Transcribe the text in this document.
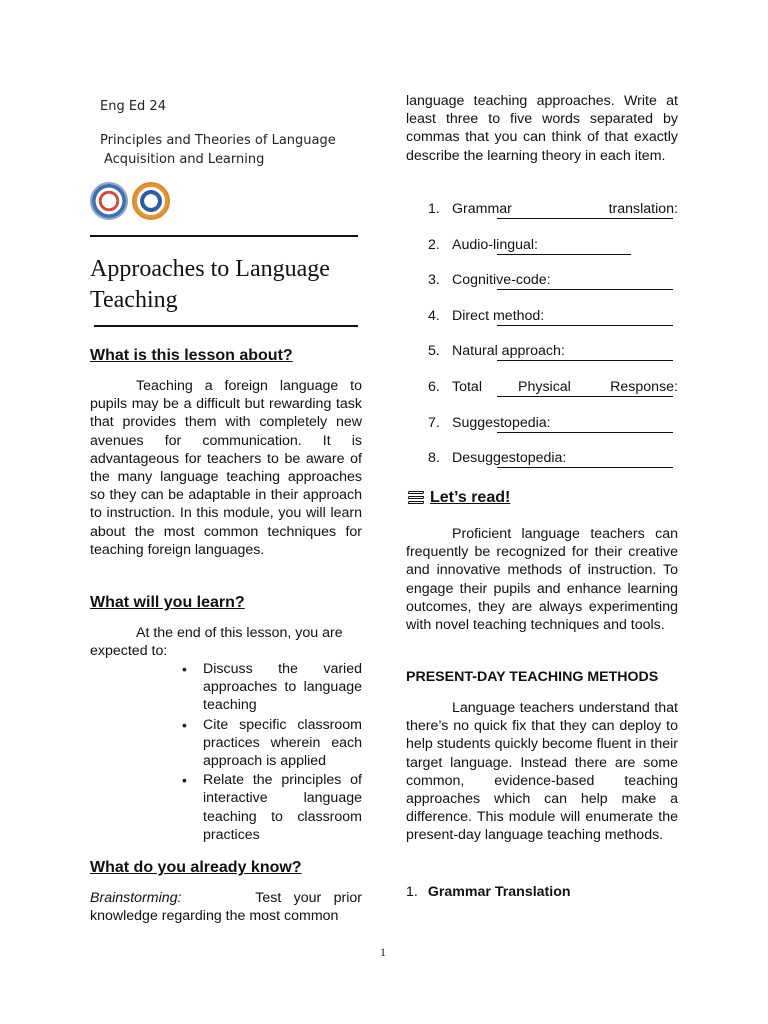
Eng Ed 24
Principles and Theories of Language
Acquisition and Learning
Approaches to Language
Teaching
What is this lesson about?
Teaching a foreign language to pupils may be a difficult but rewarding task that provides them with completely new avenues for communication. It is advantageous for teachers to be aware of the many language teaching approaches so they can be adaptable in their approach to instruction. In this module, you will learn about the most common techniques for teaching foreign languages.
What will you learn?
At the end of this lesson, you are expected to:
• Discuss the varied approaches to language teaching
• Cite specific classroom practices wherein each approach is applied
• Relate the principles of interactive language teaching to classroom practices
What do you already know?
Brainstorming:	Test your prior knowledge regarding the most common
language teaching approaches. Write at least three to five words separated by commas that you can think of that exactly describe the learning theory in each item.
1. Grammar	translation:
2. Audio-lingual:
3. Cognitive-code:
4. Direct method:
5. Natural approach:
6. Total	Physical	Response:
7. Suggestopedia:
8. Desuggestopedia:
Let’s read!
Proficient language teachers can frequently be recognized for their creative and innovative methods of instruction. To engage their pupils and enhance learning outcomes, they are always experimenting with novel teaching techniques and tools.
PRESENT-DAY TEACHING METHODS
Language teachers understand that there’s no quick fix that they can deploy to help students quickly become fluent in their target language. Instead there are some common, evidence-based teaching approaches which can help make a difference. This module will enumerate the present-day language teaching methods.
1. Grammar Translation
1
